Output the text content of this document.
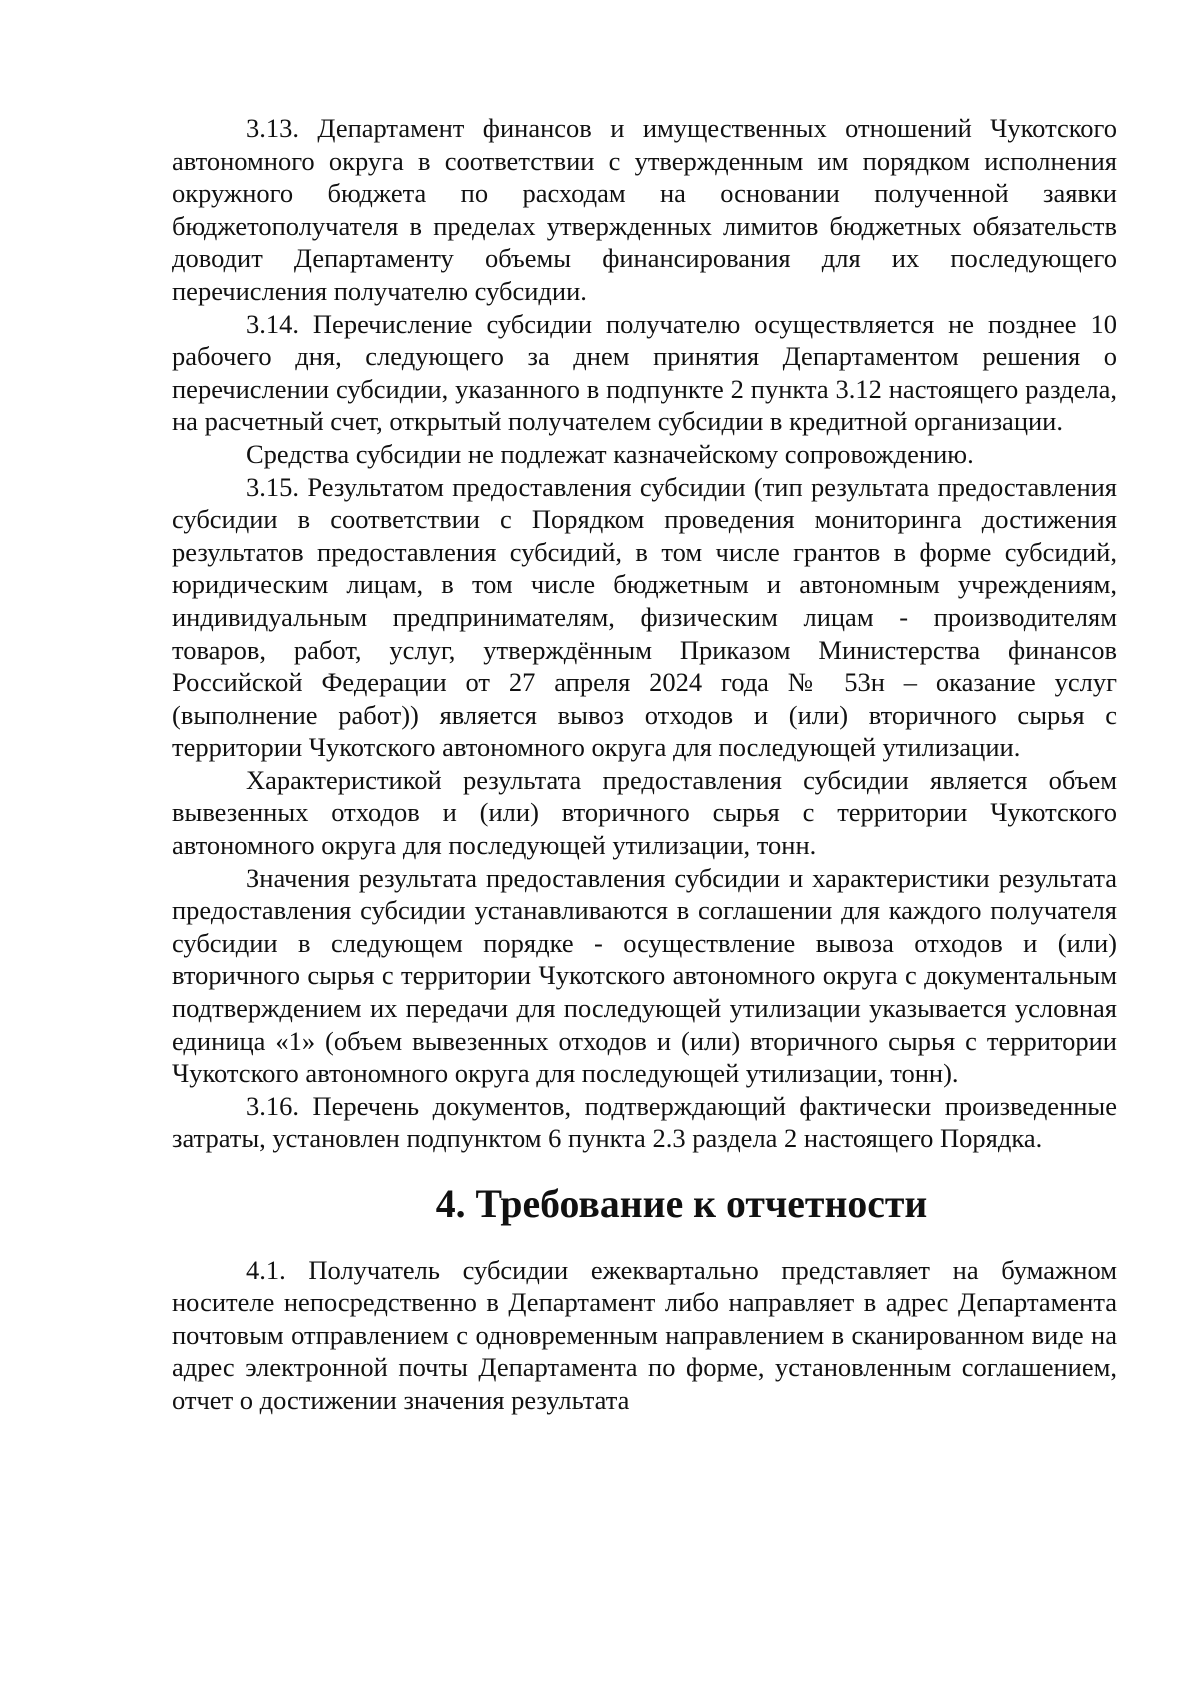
3.13. Департамент финансов и имущественных отношений Чукотского автономного округа в соответствии с утвержденным им порядком исполнения окружного бюджета по расходам на основании полученной заявки бюджетополучателя в пределах утвержденных лимитов бюджетных обязательств доводит Департаменту объемы финансирования для их последующего перечисления получателю субсидии.

3.14. Перечисление субсидии получателю осуществляется не позднее 10 рабочего дня, следующего за днем принятия Департаментом решения о перечислении субсидии, указанного в подпункте 2 пункта 3.12 настоящего раздела, на расчетный счет, открытый получателем субсидии в кредитной организации.

Средства субсидии не подлежат казначейскому сопровождению.

3.15. Результатом предоставления субсидии (тип результата предоставления субсидии в соответствии с Порядком проведения мониторинга достижения результатов предоставления субсидий, в том числе грантов в форме субсидий, юридическим лицам, в том числе бюджетным и автономным учреждениям, индивидуальным предпринимателям, физическим лицам - производителям товаров, работ, услуг, утверждённым Приказом Министерства финансов Российской Федерации от 27 апреля 2024 года № 53н – оказание услуг (выполнение работ)) является вывоз отходов и (или) вторичного сырья с территории Чукотского автономного округа для последующей утилизации.

Характеристикой результата предоставления субсидии является объем вывезенных отходов и (или) вторичного сырья с территории Чукотского автономного округа для последующей утилизации, тонн.

Значения результата предоставления субсидии и характеристики результата предоставления субсидии устанавливаются в соглашении для каждого получателя субсидии в следующем порядке - осуществление вывоза отходов и (или) вторичного сырья с территории Чукотского автономного округа с документальным подтверждением их передачи для последующей утилизации указывается условная единица «1» (объем вывезенных отходов и (или) вторичного сырья с территории Чукотского автономного округа для последующей утилизации, тонн).

3.16. Перечень документов, подтверждающий фактически произведенные затраты, установлен подпунктом 6 пункта 2.3 раздела 2 настоящего Порядка.

4. Требование к отчетности

4.1. Получатель субсидии ежеквартально представляет на бумажном носителе непосредственно в Департамент либо направляет в адрес Департамента почтовым отправлением с одновременным направлением в сканированном виде на адрес электронной почты Департамента по форме, установленным соглашением, отчет о достижении значения результата
